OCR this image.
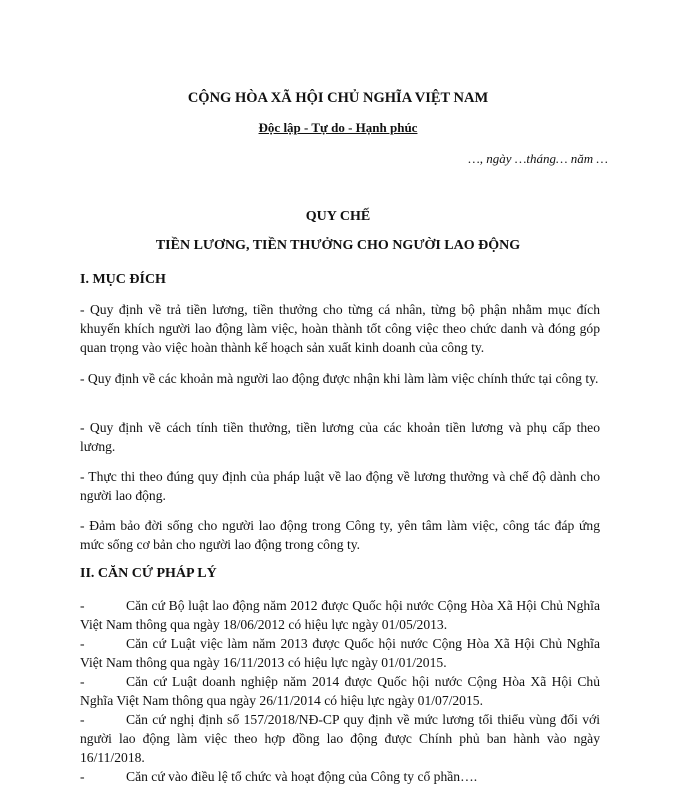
CỘNG HÒA XÃ HỘI CHỦ NGHĨA VIỆT NAM

Độc lập - Tự do - Hạnh phúc

…, ngày …tháng… năm …

QUY CHẾ

TIỀN LƯƠNG, TIỀN THƯỞNG CHO NGƯỜI LAO ĐỘNG

I. MỤC ĐÍCH

- Quy định về trả tiền lương, tiền thưởng cho từng cá nhân, từng bộ phận nhằm mục đích khuyến khích người lao động làm việc, hoàn thành tốt công việc theo chức danh và đóng góp quan trọng vào việc hoàn thành kế hoạch sản xuất kinh doanh của công ty.

- Quy định về các khoản mà người lao động được nhận khi làm làm việc chính thức tại công ty.

- Quy định về cách tính tiền thưởng, tiền lương của các khoản tiền lương và phụ cấp theo lương.

- Thực thi theo đúng quy định của pháp luật về lao động về lương thưởng và chế độ dành cho người lao động.

- Đảm bảo đời sống cho người lao động trong Công ty, yên tâm làm việc, công tác đáp ứng mức sống cơ bản cho người lao động trong công ty.

II. CĂN CỨ PHÁP LÝ

-	Căn cứ Bộ luật lao động năm 2012 được Quốc hội nước Cộng Hòa Xã Hội Chủ Nghĩa Việt Nam thông qua ngày 18/06/2012 có hiệu lực ngày 01/05/2013.

-	Căn cứ Luật việc làm năm 2013 được Quốc hội nước Cộng Hòa Xã Hội Chủ Nghĩa Việt Nam thông qua ngày 16/11/2013 có hiệu lực ngày 01/01/2015.

-	Căn cứ Luật doanh nghiệp năm 2014 được Quốc hội nước Cộng Hòa Xã Hội Chủ Nghĩa Việt Nam thông qua ngày 26/11/2014 có hiệu lực ngày 01/07/2015.

-	Căn cứ nghị định số 157/2018/NĐ-CP quy định về mức lương tối thiểu vùng đối với người lao động làm việc theo hợp đồng lao động được Chính phủ ban hành vào ngày 16/11/2018.

-	Căn cứ vào điều lệ tổ chức và hoạt động của Công ty cổ phần….
